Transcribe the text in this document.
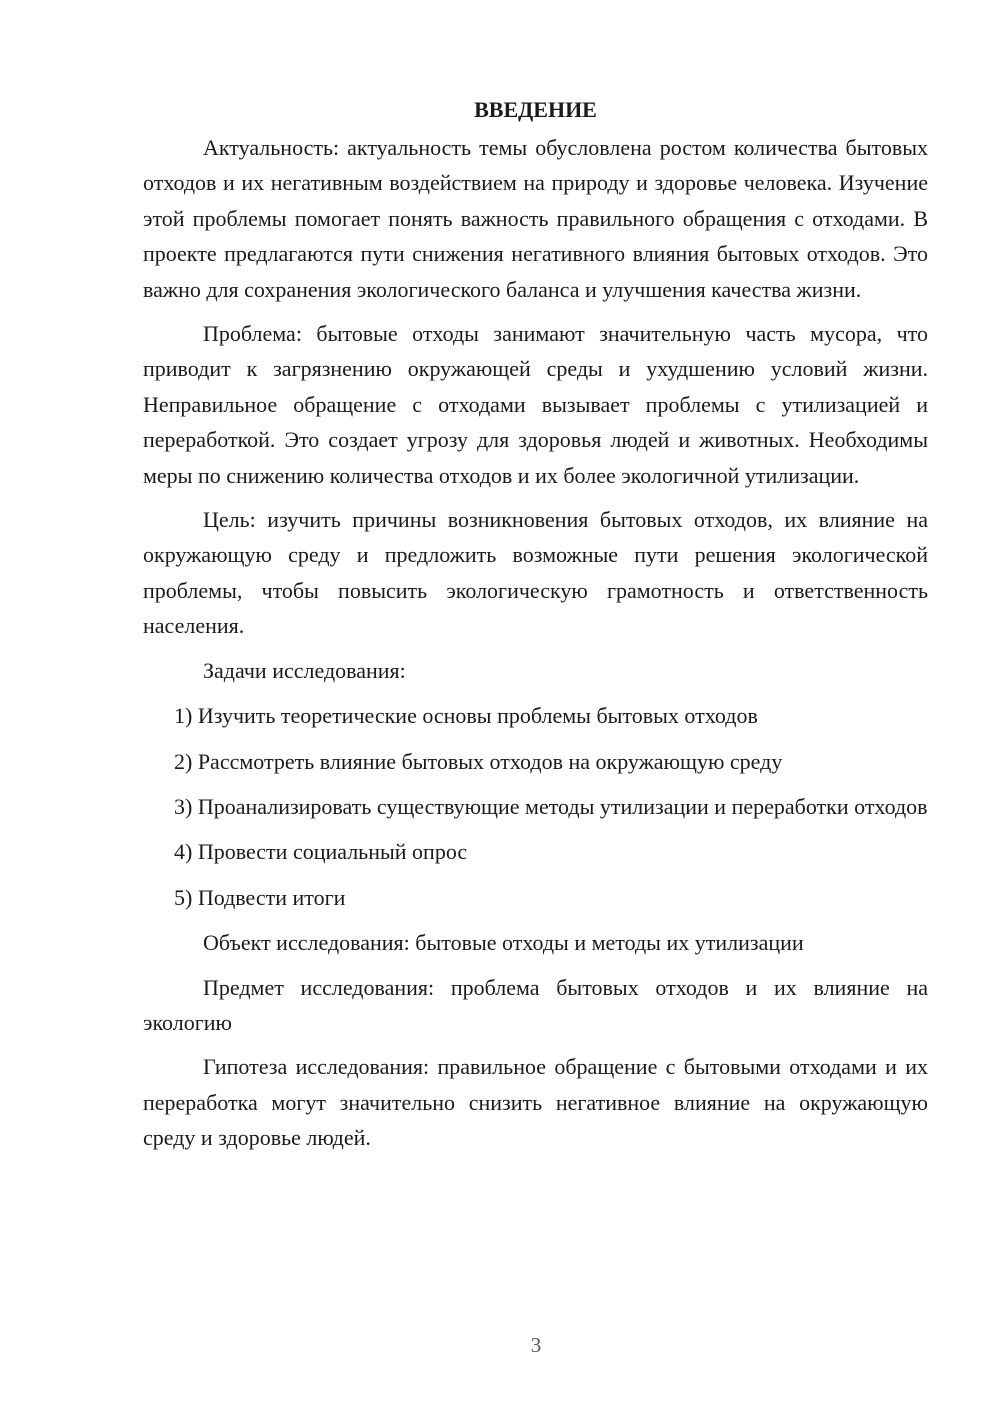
ВВЕДЕНИЕ

Актуальность: актуальность темы обусловлена ростом количества бытовых отходов и их негативным воздействием на природу и здоровье человека. Изучение этой проблемы помогает понять важность правильного обращения с отходами. В проекте предлагаются пути снижения негативного влияния бытовых отходов. Это важно для сохранения экологического баланса и улучшения качества жизни.

Проблема: бытовые отходы занимают значительную часть мусора, что приводит к загрязнению окружающей среды и ухудшению условий жизни. Неправильное обращение с отходами вызывает проблемы с утилизацией и переработкой. Это создает угрозу для здоровья людей и животных. Необходимы меры по снижению количества отходов и их более экологичной утилизации.

Цель: изучить причины возникновения бытовых отходов, их влияние на окружающую среду и предложить возможные пути решения экологической проблемы, чтобы повысить экологическую грамотность и ответственность населения.

Задачи исследования:

1) Изучить теоретические основы проблемы бытовых отходов

2) Рассмотреть влияние бытовых отходов на окружающую среду

3) Проанализировать существующие методы утилизации и переработки отходов

4) Провести социальный опрос

5) Подвести итоги

Объект исследования: бытовые отходы и методы их утилизации

Предмет исследования: проблема бытовых отходов и их влияние на экологию

Гипотеза исследования: правильное обращение с бытовыми отходами и их переработка могут значительно снизить негативное влияние на окружающую среду и здоровье людей.

3
